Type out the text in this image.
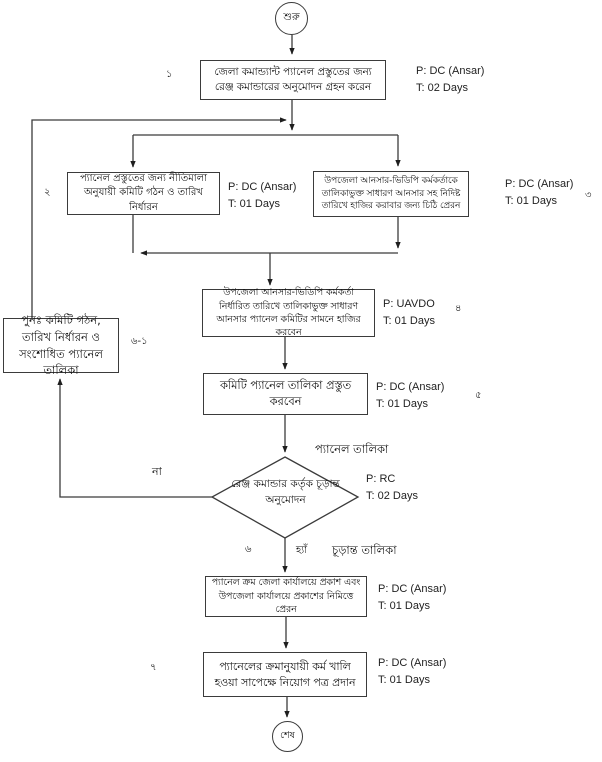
শুরু
শেষ
জেলা কমান্ড্যান্ট প্যানেল প্রস্তুতের জন্য রেঞ্জ কমান্ডারের অনুমোদন গ্রহন করেন
১	P: DC (Ansar)
T: 02 Days
প্যানেল প্রস্তুতের জন্য নীতিমালা অনুযায়ী কমিটি গঠন ও তারিখ নির্ধারন
২	P: DC (Ansar)
T: 01 Days
উপজেলা আনসার-ভিডিপি কর্মকর্তাকে তালিকাভুক্ত সাধারণ আনসার সহ নিদিষ্ট তারিখে হাজির করাবার জন্য চিঠি প্রেরন
P: DC (Ansar)
T: 01 Days	৩
উপজেলা আনসার-ভিডিপি কর্মকর্তা নির্ধারিত তারিখে তালিকাভুক্ত সাধারণ আনসার প্যানেল কমিটির সামনে হাজির করবেন
P: UAVDO
T: 01 Days
৪
পুনঃ কমিটি গঠন, তারিখ নির্ধারন ও সংশোধিত প্যানেল তালিকা
৬-১
কমিটি প্যানেল তালিকা প্রস্তুত করবেন
P: DC (Ansar)
T: 01 Days
৫
প্যানেল তালিকা
রেঞ্জ কমান্ডার কর্তৃক চূড়ান্ত অনুমোদন
P: RC
T: 02 Days
না
৬	হ্যাঁ চূড়ান্ত তালিকা
প্যানেল ক্রম জেলা কার্যালয়ে প্রকাশ এবং উপজেলা কার্যালয়ে প্রকাশের নিমিত্তে প্রেরন
P: DC (Ansar)
T: 01 Days
প্যানেলের ক্রমানুযায়ী কর্ম খালি হওয়া সাপেক্ষে নিয়োগ পত্র প্রদান
৭	P: DC (Ansar)
T: 01 Days
